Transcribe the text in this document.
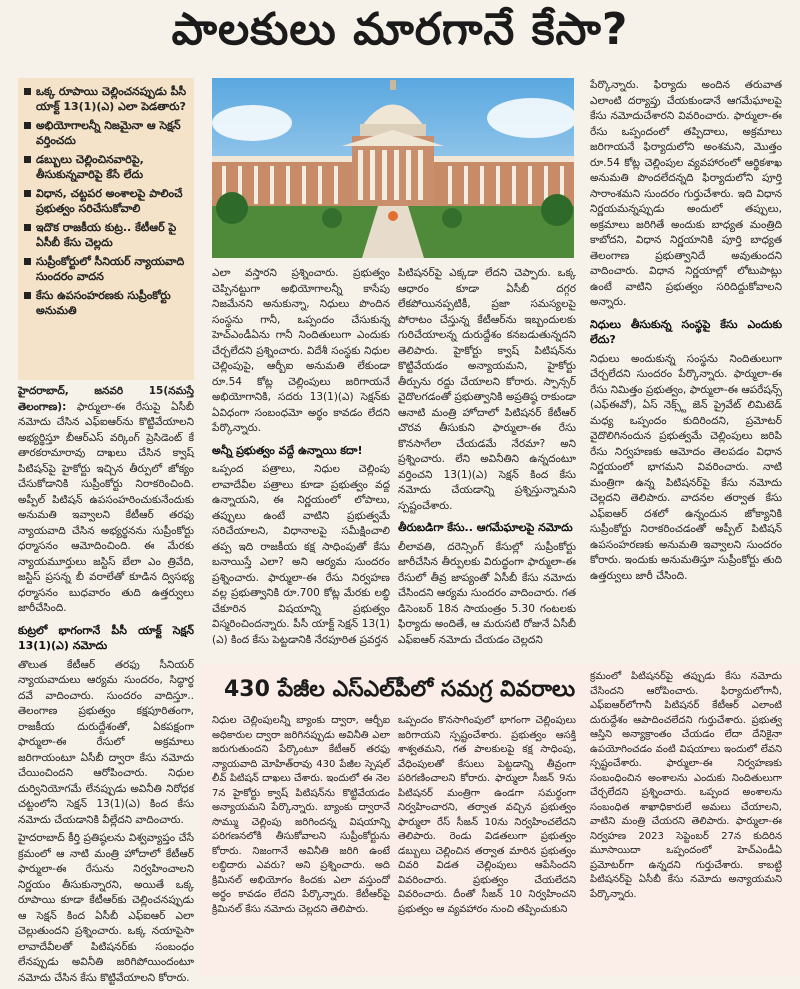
పాలకులు మారగానే కేసా?
ఒక్క రూపాయి చెల్లించనప్పుడు పీసీ యాక్ట్ 13(1)(ఎ) ఎలా పెడతారు?
అభియోగాలన్నీ నిజమైనా ఆ సెక్షన్ వర్తించదు
డబ్బులు చెల్లించినవారిపై, తీసుకున్నవారిపై కేసే లేదు
విధాన, చట్టపర అంశాలపై పాలించే ప్రభుత్వం సరిచేసుకోవాలి
ఇదొక రాజకీయ కుట్ర.. కేటీఆర్ పై ఏసీబీ కేసు చెల్లదు
సుప్రీంకోర్టులో సీనియర్ న్యాయవాది సుందరం వాదన
కేసు ఉపసంహరణకు సుప్రీంకోర్టు అనుమతి

హైదరాబాద్, జనవరి 15(నమస్తే తెలంగాణ): ఫార్ములా-ఈ రేసుపై ఏసీబీ నమోదు చేసిన ఎఫ్ఐఆర్‌ను కొట్టివేయాలని అభ్యర్థిస్తూ బీఆర్ఎస్ వర్కింగ్ ప్రెసిడెంట్ కే తారకరామారావు దాఖలు చేసిన క్వాష్ పిటిషన్‌పై హైకోర్టు ఇచ్చిన తీర్పులో జోక్యం చేసుకోడానికి సుప్రీంకోర్టు నిరాకరించింది. అప్పీల్ పిటిషన్ ఉపసంహరించుకునేందుకు అనుమతి ఇవ్వాలని కేటీఆర్ తరఫు న్యాయవాది చేసిన అభ్యర్థనను సుప్రీంకోర్టు ధర్మాసనం ఆమోదించింది. ఈ మేరకు న్యాయమూర్తులు జస్టిస్ బేలా ఎం త్రివేది, జస్టిస్ ప్రసన్న బీ వరాలేతో కూడిన ద్విసభ్య ధర్మాసనం బుధవారం తుది ఉత్తర్వులు జారీచేసింది.

కుట్రలో భాగంగానే పీసీ యాక్ట్ సెక్షన్ 13(1)(ఎ) నమోదు

తొలుత కేటీఆర్ తరఫు సీనియర్ న్యాయవాదులు ఆర్యమ సుందరం, సిద్ధార్థ దవే వాదించారు. సుందరం వాదిస్తూ.. తెలంగాణ ప్రభుత్వం కక్షపూరితంగా, రాజకీయ దురుద్దేశంతో, ఏకపక్షంగా ఫార్ములా-ఈ రేసులో అక్రమాలు జరిగాయంటూ ఏసీబీ ద్వారా కేసు నమోదు చేయించిందని ఆరోపించారు. నిధుల దుర్వినియోగమే లేనప్పుడు అవినీతి నిరోధక చట్టంలోని సెక్షన్ 13(1)(ఎ) కింద కేసు నమోదు చేయడానికి వీల్లేదని వాదించారు.

హైదరాబాద్ కీర్తి ప్రతిష్ఠలను విశ్వవ్యాప్తం చేసే క్రమంలో ఆ నాటి మంత్రి హోదాలో కేటీఆర్ ఫార్ములా-ఈ రేసును నిర్వహించాలని నిర్ణయం తీసుకున్నారని, అయితే ఒక్క రూపాయి కూడా కేటీఆర్‌కు చెల్లించనప్పుడు ఆ సెక్షన్ కింద ఏసీబీ ఎఫ్ఐఆర్ ఎలా చెల్లుతుందని ప్రశ్నించారు. ఒక్క నయాపైసా లావాదేవీలతో పిటిషనర్‌కు సంబంధం లేనప్పుడు అవినీతి జరిగిపోయిందంటూ నమోదు చేసిన కేసు కొట్టివేయాలని కోరారు.

ఎలా వస్తారని ప్రశ్నించారు. ప్రభుత్వం చెప్పినట్టుగా అభియోగాలన్నీ కాసేపు నిజమేనని అనుకున్నా, నిధులు పొందిన సంస్థను గానీ, ఒప్పందం చేసుకున్న హెచ్ఎండీఏను గానీ నిందితులుగా ఎందుకు చేర్చలేదని ప్రశ్నించారు. విదేశీ సంస్థకు నిధుల చెల్లింపుపై, ఆర్బీఐ అనుమతి లేకుండా రూ.54 కోట్ల చెల్లింపులు జరిగాయనే అభియోగానికి, సదరు 13(1)(ఎ) సెక్షన్‌కు ఏవిధంగా సంబంధమో అర్థం కావడం లేదని పేర్కొన్నారు.

అన్నీ ప్రభుత్వం వద్దే ఉన్నాయి కదా!

ఒప్పంద పత్రాలు, నిధుల చెల్లింపు లావాదేవీల పత్రాలు కూడా ప్రభుత్వం వద్ద ఉన్నాయని, ఈ నిర్ణయంలో లోపాలు, తప్పులు ఉంటే వాటిని ప్రభుత్వమే సరిచేయాలని, విధానాలపై సమీక్షించాలి తప్ప ఇది రాజకీయ కక్ష సాధింపుతో కేసు బనాయిస్తే ఎలా? అని ఆర్యమ సుందరం ప్రశ్నించారు. ఫార్ములా-ఈ రేసు నిర్వహణ వల్ల ప్రభుత్వానికి రూ.700 కోట్ల మేరకు లబ్ధి చేకూరిన విషయాన్ని ప్రభుత్వం విస్మరించిందన్నారు. పీసీ యాక్ట్ సెక్షన్ 13(1)(ఎ) కింద కేసు పెట్టడానికి నేరపూరిత ప్రవర్తన

పిటిషనర్‌పై ఎక్కడా లేదని చెప్పారు. ఒక్క ఆధారం కూడా ఏసీబీ దగ్గర లేకపోయినప్పటికీ, ప్రజా సమస్యలపై పోరాటం చేస్తున్న కేటీఆర్‌ను ఇబ్బందులకు గురిచేయాలన్న దురుద్దేశం కనబడుతున్నదని తెలిపారు. హైకోర్టు క్వాష్ పిటిషన్‌ను కొట్టివేయడం అన్యాయమని, హైకోర్టు తీర్పును రద్దు చేయాలని కోరారు. స్పాన్సర్ వైదొలగడంతో ప్రభుత్వానికి అప్రతిష్ఠ రాకుండా ఆనాటి మంత్రి హోదాలో పిటిషనర్ కేటీఆర్ చొరవ తీసుకుని ఫార్ములా-ఈ రేసు కొనసాగేలా చేయడమే నేరమా? అని ప్రశ్నించారు. లేని అవినీతిని ఉన్నదంటూ వర్తించని 13(1)(ఎ) సెక్షన్ కింద కేసు నమోదు చేయడాన్ని ప్రశ్నిస్తున్నామని స్పష్టంచేశారు.

తీరుబడిగా కేసు.. ఆగమేఘాలపై నమోదు

లీలావతి, దరెన్సింగ్ కేసుల్లో సుప్రీంకోర్టు జారీచేసిన తీర్పులకు విరుద్ధంగా ఫార్ములా-ఈ రేసులో తీవ్ర జాప్యంతో ఏసీబీ కేసు నమోదు చేసిందని ఆర్యమ సుందరం వాదించారు. గత డిసెంబర్ 18న సాయంత్రం 5.30 గంటలకు ఫిర్యాదు అందితే, ఆ మరుసటి రోజునే ఏసీబీ ఎఫ్ఐఆర్ నమోదు చేయడం చెల్లదని

పేర్కొన్నారు. ఫిర్యాదు అందిన తరువాత ఎలాంటి దర్యాప్తు చేయకుండానే ఆగమేఘాలపై కేసు నమోదుచేశారని వివరించారు. ఫార్ములా-ఈ రేసు ఒప్పందంలో తప్పిదాలు, అక్రమాలు జరిగాయనే ఫిర్యాదులోని అంశమని, మొత్తం రూ.54 కోట్ల చెల్లింపుల వ్యవహారంలో ఆర్థికశాఖ అనుమతి పొందలేదన్నది ఫిర్యాదులోని పూర్తి సారాంశమని సుందరం గుర్తుచేశారు. ఇది విధాన నిర్ణయమన్నప్పుడు అందులో తప్పులు, అక్రమాలు జరిగితే అందుకు బాధ్యత మంత్రిది కాబోదని, విధాన నిర్ణయానికి పూర్తి బాధ్యత తెలంగాణ ప్రభుత్వానిదే అవుతుందని వాదించారు. విధాన నిర్ణయాల్లో లోటుపాట్లు ఉంటే వాటిని ప్రభుత్వం సరిదిద్దుకోవాలని అన్నారు.

నిధులు తీసుకున్న సంస్థపై కేసు ఎందుకు లేదు?

నిధులు అందుకున్న సంస్థను నిందితులుగా చేర్చలేదని సుందరం పేర్కొన్నారు. ఫార్ములా-ఈ రేసు నిమిత్తం ప్రభుత్వం, ఫార్ములా-ఈ ఆపరేషన్స్ (ఎఫ్ఈవో), ఏస్ నెక్స్ట్ జెన్ ప్రైవేట్ లిమిటెడ్ మధ్య ఒప్పందం కుదిరిందని, ప్రమోటర్ వైదొలిగినందున ప్రభుత్వమే చెల్లింపులు జరిపి రేసు నిర్వహణకు ఆమోదం తెలపడం విధాన నిర్ణయంలో భాగమని వివరించారు. నాటి మంత్రిగా ఉన్న పిటిషనర్‌పై కేసు నమోదు చెల్లదని తెలిపారు. వాదనల తర్వాత కేసు ఎఫ్ఐఆర్ దశలో ఉన్నందున జోక్యానికి సుప్రీంకోర్టు నిరాకరించడంతో అప్పీల్ పిటిషన్ ఉపసంహరణకు అనుమతి ఇవ్వాలని సుందరం కోరారు. ఇందుకు అనుమతిస్తూ సుప్రీంకోర్టు తుది ఉత్తర్వులు జారీ చేసింది.

430 పేజీల ఎస్ఎల్‌పీలో సమగ్ర వివరాలు

నిధుల చెల్లింపులన్నీ బ్యాంకు ద్వారా, ఆర్బీఐ అధికారుల ద్వారా జరిగినప్పుడు అవినీతి ఎలా జరుగుతుందని పేర్కొంటూ కేటీఆర్ తరఫు న్యాయవాది మోహిత్‌రావు 430 పేజీల స్పెషల్ లీవ్ పిటిషన్ దాఖలు చేశారు. ఇందులో ఈ నెల 7న హైకోర్టు క్వాష్ పిటిషన్‌ను కొట్టివేయడం అన్యాయమని పేర్కొన్నారు. బ్యాంకు ద్వారానే సొమ్ము చెల్లింపు జరిగిందన్న విషయాన్ని పరిగణనలోకి తీసుకోవాలని సుప్రీంకోర్టును కోరారు. నిజంగానే అవినీతి జరిగి ఉంటే లబ్ధిదారు ఎవరు? అని ప్రశ్నించారు. అది క్రిమినల్ అభియోగం కిందకు ఎలా వస్తుందో అర్థం కావడం లేదని పేర్కొన్నారు. కేటీఆర్‌పై క్రిమినల్ కేసు నమోదు చెల్లదని తెలిపారు.

ఒప్పందం కొనసాగింపులో భాగంగా చెల్లింపులు జరిగాయని స్పష్టంచేశారు. ప్రభుత్వం ఆసక్తి శాశ్వతమని, గత పాలకులపై కక్ష సాధింపు, వేధింపులతో కేసులు పెట్టడాన్ని తీవ్రంగా పరిగణించాలని కోరారు. ఫార్ములా సీజన్ 9ను పిటిషనర్ మంత్రిగా ఉండగా సమర్థంగా నిర్వహించారని, తర్వాత వచ్చిన ప్రభుత్వం ఫార్ములా రేస్ సీజన్ 10ను నిర్వహించలేదని తెలిపారు. రెండు విడతలుగా ప్రభుత్వం డబ్బులు చెల్లించిన తర్వాత మారిన ప్రభుత్వం చివరి విడత చెల్లింపులు ఆపేసిందని వివరించారు. ప్రభుత్వం చేయలేదని వివరించారు. దీంతో సీజన్ 10 నిర్వహించని ప్రభుత్వం ఆ వ్యవహారం నుంచి తప్పించుకుని

క్రమంలో పిటిషనర్‌పై తప్పుడు కేసు నమోదు చేసిందని ఆరోపించారు. ఫిర్యాదులోగానీ, ఎఫ్ఐఆర్‌లోగానీ పిటిషనర్ కేటీఆర్ ఎలాంటి దురుద్దేశం ఆపాదించలేదని గుర్తుచేశారు. ప్రభుత్వ ఆస్తిని అన్యాక్రాంతం చేయడం లేదా దేనికైనా ఉపయోగించడం వంటి విషయాలు ఇందులో లేవని స్పష్టంచేశారు. ఫార్ములా-ఈ నిర్వహణకు సంబంధించిన అంశాలను ఎందుకు నిందితులుగా చేర్చలేదని ప్రశ్నించారు. ఒప్పంద అంశాలను సంబంధిత శాఖాధికారులే అమలు చేయాలని, వాటిని మంత్రి చేయరని తెలిపారు. ఫార్ములా-ఈ నిర్వహణ 2023 సెప్టెంబర్ 27న కుదిరిన మూసాయిదా ఒప్పందంలో హెచ్ఎండీఏ ప్రమోటర్‌గా ఉన్నదని గుర్తుచేశారు. కాబట్టి పిటిషనర్‌పై ఏసీబీ కేసు నమోదు అన్యాయమని పేర్కొన్నారు.
